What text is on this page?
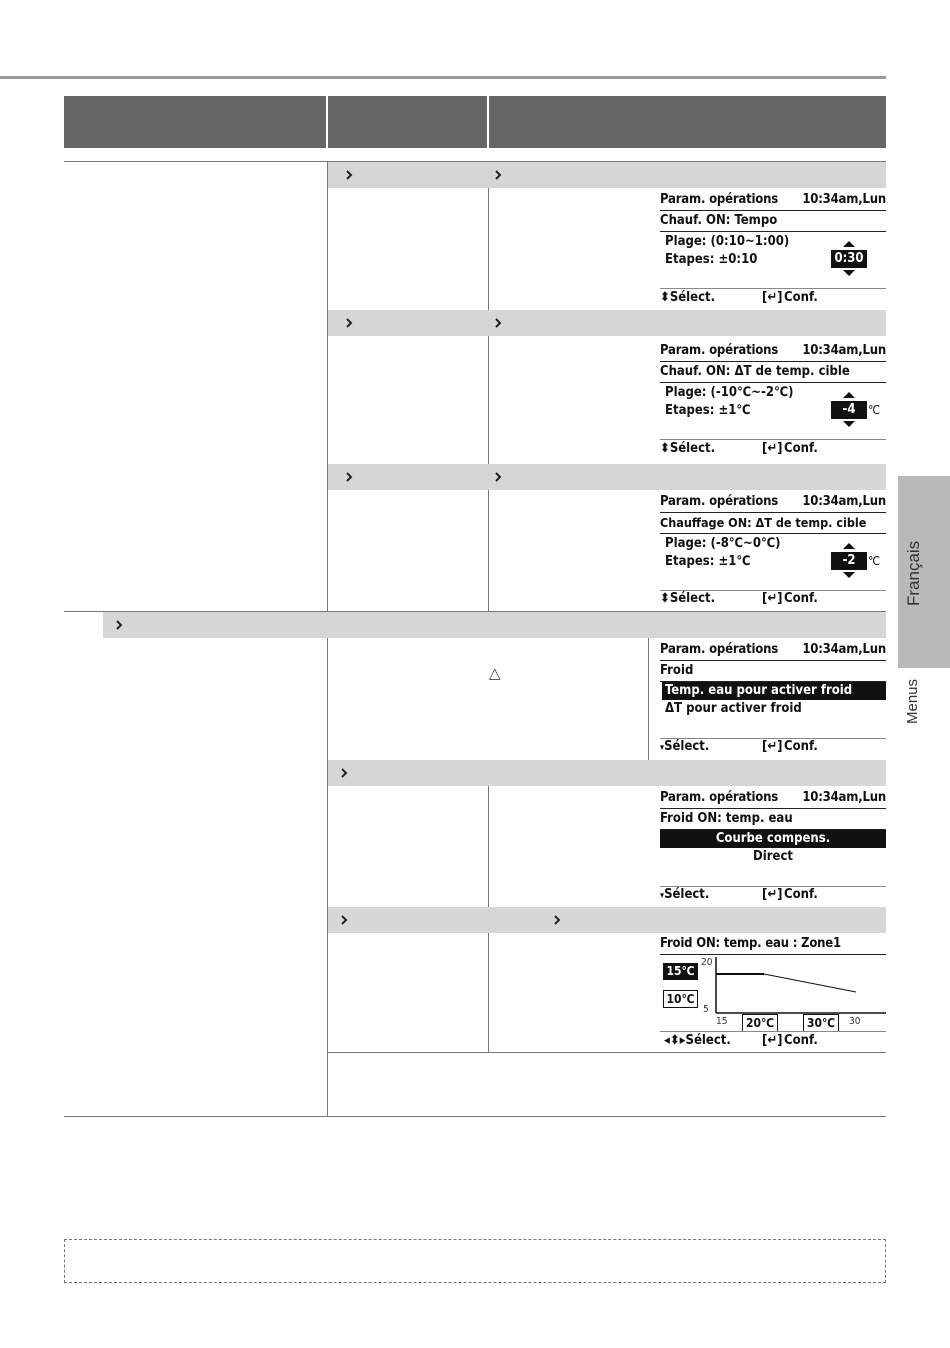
△
Param. opérations	10:34am,Lun
Chauf. ON: Tempo
Plage: (0:10~1:00)
Etapes: ±0:10	0:30
⬍Sélect.	[↵] Conf.
Param. opérations	10:34am,Lun
Chauf. ON: ΔT de temp. cible
Plage: (-10℃~-2℃)
Etapes: ±1℃	-4	℃
⬍Sélect.	[↵] Conf.
Param. opérations	10:34am,Lun
Chauffage ON: ΔT de temp. cible
Plage: (-8℃~0℃)
Etapes: ±1℃	-2	℃
⬍Sélect.	[↵] Conf.
Param. opérations	10:34am,Lun
Froid
Temp. eau pour activer froid
ΔT pour activer froid
▾Sélect.	[↵] Conf.
Param. opérations	10:34am,Lun
Froid ON: temp. eau
Courbe compens.
Direct
▾Sélect.	[↵] Conf.
Froid ON: temp. eau : Zone1
15℃
10℃
20
5
15	20℃	30℃	30
◂⬍▸Sélect. [↵] Conf.
Français
Menus
